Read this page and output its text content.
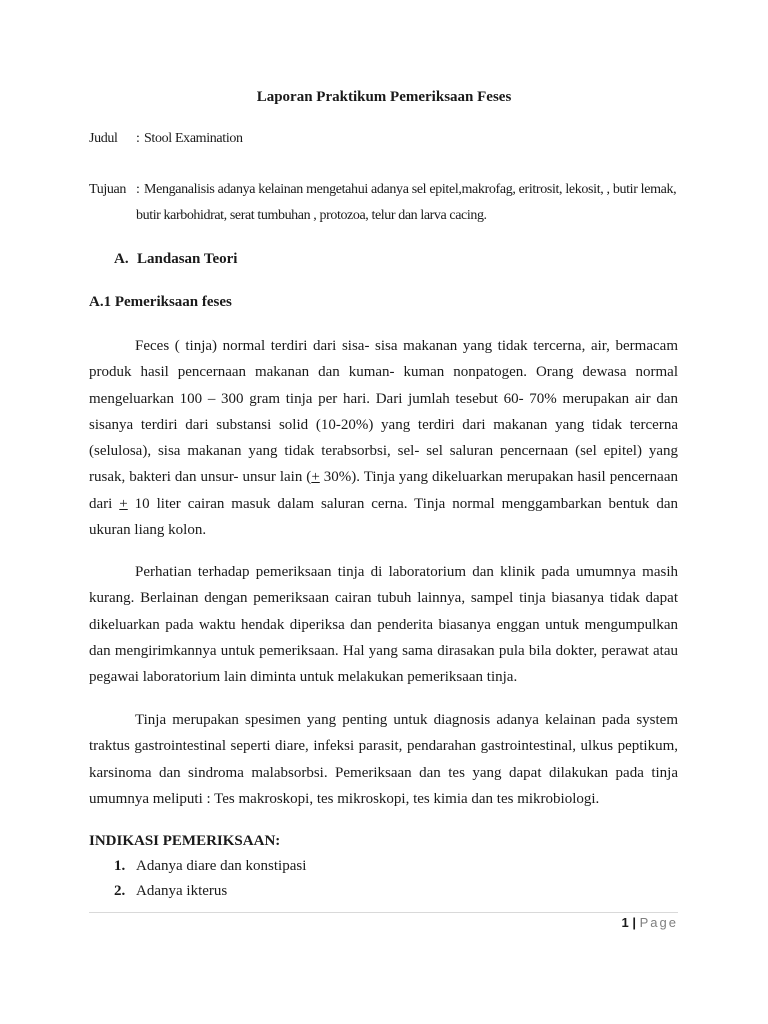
Laporan Praktikum Pemeriksaan Feses
Judul : Stool Examination
Tujuan : Menganalisis adanya kelainan mengetahui adanya sel epitel,makrofag, eritrosit, lekosit, , butir lemak,
butir karbohidrat, serat tumbuhan , protozoa, telur dan larva cacing.
A. Landasan Teori
A.1 Pemeriksaan feses
Feces ( tinja) normal terdiri dari sisa- sisa makanan yang tidak tercerna, air, bermacam produk hasil pencernaan makanan dan kuman- kuman nonpatogen. Orang dewasa normal mengeluarkan 100 – 300 gram tinja per hari. Dari jumlah tesebut 60- 70% merupakan air dan sisanya terdiri dari substansi solid (10-20%) yang terdiri dari makanan yang tidak tercerna (selulosa), sisa makanan yang tidak terabsorbsi, sel- sel saluran pencernaan (sel epitel) yang rusak, bakteri dan unsur- unsur lain (+ 30%). Tinja yang dikeluarkan merupakan hasil pencernaan dari + 10 liter cairan masuk dalam saluran cerna. Tinja normal menggambarkan bentuk dan ukuran liang kolon.
Perhatian terhadap pemeriksaan tinja di laboratorium dan klinik pada umumnya masih kurang. Berlainan dengan pemeriksaan cairan tubuh lainnya, sampel tinja biasanya tidak dapat dikeluarkan pada waktu hendak diperiksa dan penderita biasanya enggan untuk mengumpulkan dan mengirimkannya untuk pemeriksaan. Hal yang sama dirasakan pula bila dokter, perawat atau pegawai laboratorium lain diminta untuk melakukan pemeriksaan tinja.
Tinja merupakan spesimen yang penting untuk diagnosis adanya kelainan pada system traktus gastrointestinal seperti diare, infeksi parasit, pendarahan gastrointestinal, ulkus peptikum, karsinoma dan sindroma malabsorbsi. Pemeriksaan dan tes yang dapat dilakukan pada tinja umumnya meliputi : Tes makroskopi, tes mikroskopi, tes kimia dan tes mikrobiologi.
INDIKASI PEMERIKSAAN:
1. Adanya diare dan konstipasi
2. Adanya ikterus
1 | Page
